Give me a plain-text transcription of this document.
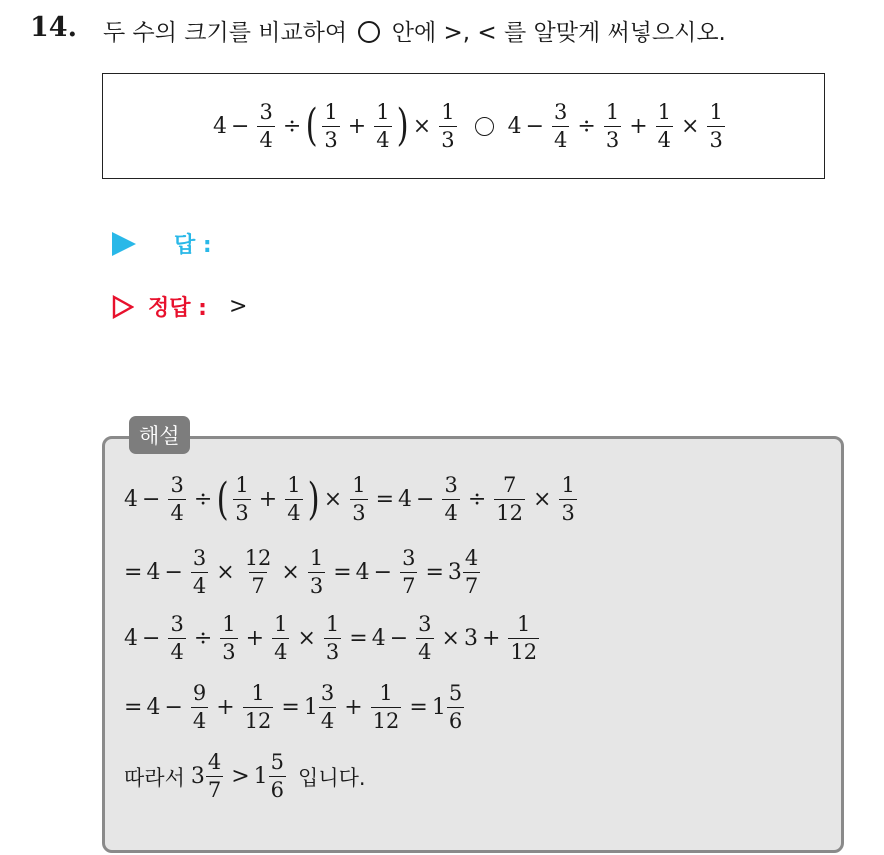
14. 두 수의 크기를 비교하여 안에 >, < 를 알맞게 써넣으시오.
$4 - \frac{3}{4}$ ÷ ( $\frac{1}{3} + \frac{1}{4}$ ) × $\frac{1}{3} 4 - \frac{3}{4} \div \frac{1}{3} + \frac{1}{4} \times \frac{1}{3}$
답 :
정답 : >
해설
$4 - \frac{3}{4}$ ÷ ( $\frac{1}{3} + \frac{1}{4}$ ) × $\frac{1}{3} = 4 - \frac{3}{4} \div \frac{7}{12} \times \frac{1}{3}$
= $4 - \frac{3}{4} \times \frac{12}{7} \times \frac{1}{3} = 4 - \frac{3}{7} = 3 \frac{4}{7}$
$4 - \frac{3}{4} \div \frac{1}{3} + \frac{1}{4} \times \frac{1}{3} = 4 - \frac{3}{4} \times 3 + \frac{1}{12}$
= $4 - \frac{9}{4} + \frac{1}{12} = 1 \frac{3}{4} + \frac{1}{12} = 1 \frac{5}{6}$
따라서 $3 \frac{4}{7} > 1 \frac{5}{6}$ 입니다.
